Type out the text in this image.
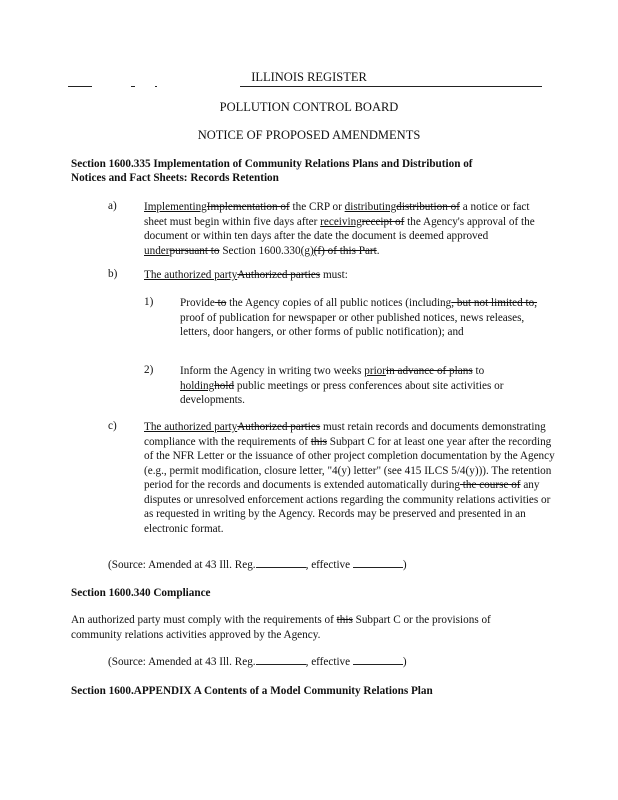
ILLINOIS REGISTER
POLLUTION CONTROL BOARD
NOTICE OF PROPOSED AMENDMENTS
Section 1600.335 Implementation of Community Relations Plans and Distribution of
Notices and Fact Sheets: Records Retention
a) ImplementingImplementation of the CRP or distributingdistribution of a notice or fact sheet must begin within five days after receivingreceipt of the Agency's approval of the document or within ten days after the date the document is deemed approved underpursuant to Section 1600.330(g)(f) of this Part.
b) The authorized partyAuthorized parties must:
1) Provide to the Agency copies of all public notices (including, but not limited to, proof of publication for newspaper or other published notices, news releases, letters, door hangers, or other forms of public notification); and
2) Inform the Agency in writing two weeks priorin advance of plans to holdinghold public meetings or press conferences about site activities or developments.
c) The authorized partyAuthorized parties must retain records and documents demonstrating compliance with the requirements of this Subpart C for at least one year after the recording of the NFR Letter or the issuance of other project completion documentation by the Agency (e.g., permit modification, closure letter, "4(y) letter" (see 415 ILCS 5/4(y))). The retention period for the records and documents is extended automatically during the course of any disputes or unresolved enforcement actions regarding the community relations activities or as requested in writing by the Agency. Records may be preserved and presented in an electronic format.
(Source: Amended at 43 Ill. Reg.	, effective	)
Section 1600.340 Compliance
An authorized party must comply with the requirements of this Subpart C or the provisions of community relations activities approved by the Agency.
(Source: Amended at 43 Ill. Reg.	, effective	)
Section 1600.APPENDIX A Contents of a Model Community Relations Plan
